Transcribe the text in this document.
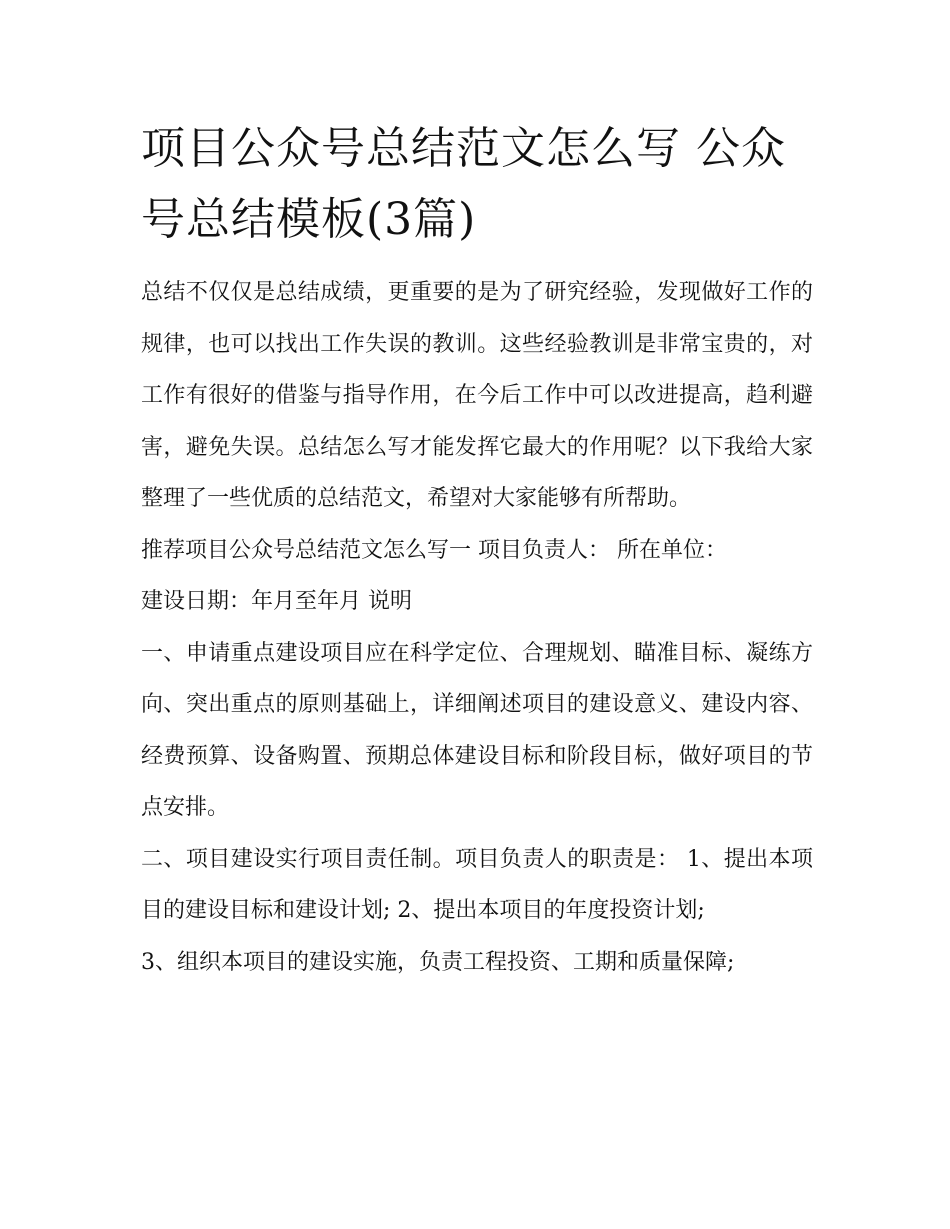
项目公众号总结范文怎么写 公众号总结模板(3篇)

总结不仅仅是总结成绩，更重要的是为了研究经验，发现做好工作的规律，也可以找出工作失误的教训。这些经验教训是非常宝贵的，对工作有很好的借鉴与指导作用，在今后工作中可以改进提高，趋利避害，避免失误。总结怎么写才能发挥它最大的作用呢？以下我给大家整理了一些优质的总结范文，希望对大家能够有所帮助。

推荐项目公众号总结范文怎么写一 项目负责人： 所在单位：

建设日期：年月至年月 说明

一、申请重点建设项目应在科学定位、合理规划、瞄准目标、凝练方向、突出重点的原则基础上，详细阐述项目的建设意义、建设内容、经费预算、设备购置、预期总体建设目标和阶段目标，做好项目的节点安排。

二、项目建设实行项目责任制。项目负责人的职责是： 1、提出本项目的建设目标和建设计划; 2、提出本项目的年度投资计划;

3、组织本项目的建设实施，负责工程投资、工期和质量保障;
